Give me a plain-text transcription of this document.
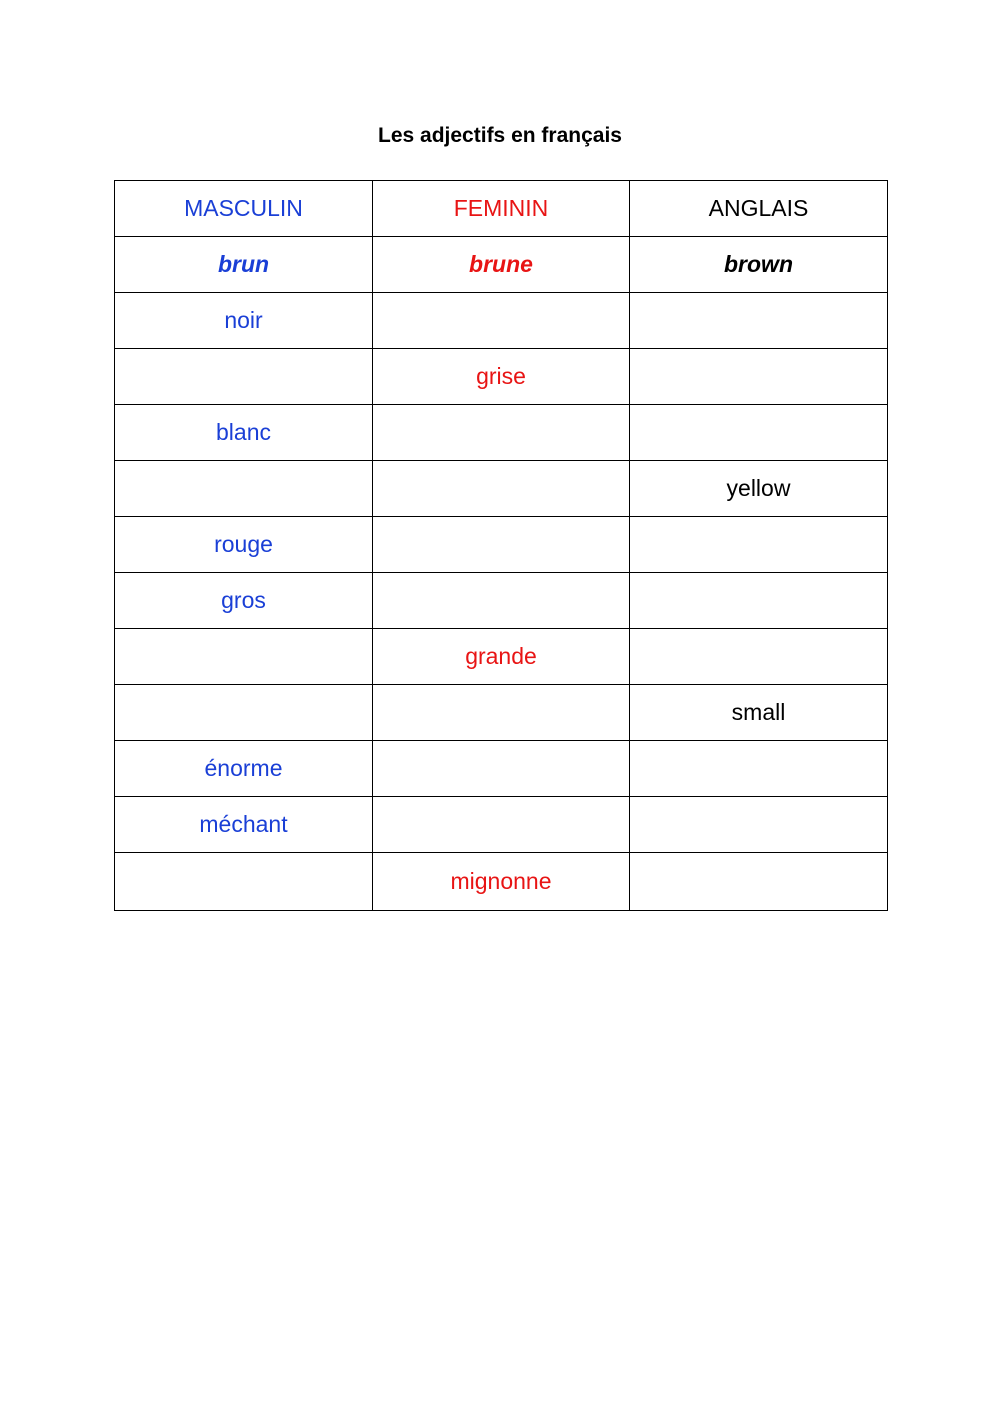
Les adjectifs en français
MASCULIN	FEMININ	ANGLAIS
brun	brune	brown
noir		
	grise	
blanc		
		yellow
rouge		
gros		
	grande	
		small
énorme		
méchant		
	mignonne	
